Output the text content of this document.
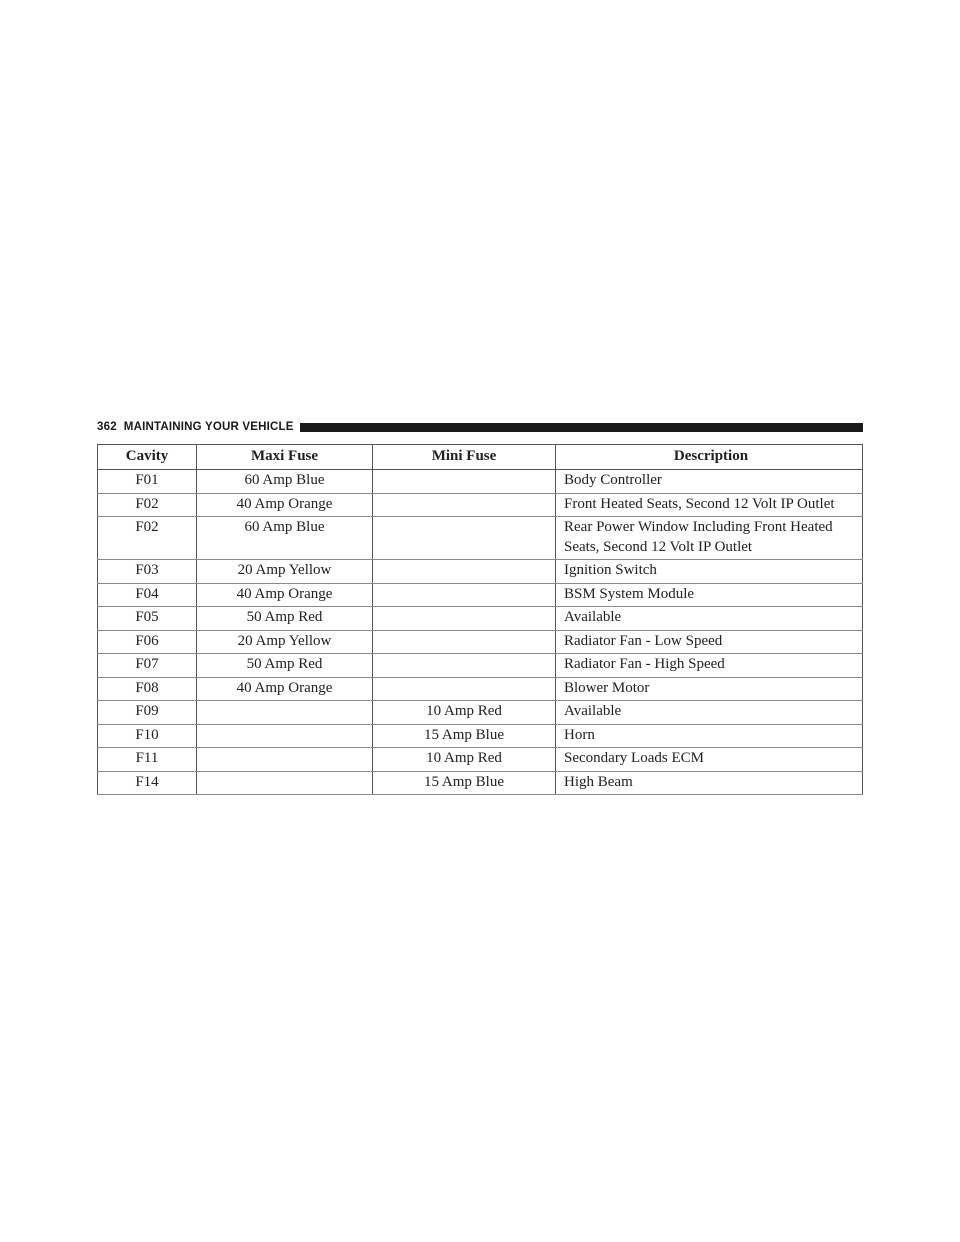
362 MAINTAINING YOUR VEHICLE
Cavity	Maxi Fuse	Mini Fuse	Description
F01	60 Amp Blue		Body Controller
F02	40 Amp Orange		Front Heated Seats, Second 12 Volt IP Outlet
F02	60 Amp Blue		Rear Power Window Including Front Heated Seats, Second 12 Volt IP Outlet
F03	20 Amp Yellow		Ignition Switch
F04	40 Amp Orange		BSM System Module
F05	50 Amp Red		Available
F06	20 Amp Yellow		Radiator Fan - Low Speed
F07	50 Amp Red		Radiator Fan - High Speed
F08	40 Amp Orange		Blower Motor
F09		10 Amp Red	Available
F10		15 Amp Blue	Horn
F11		10 Amp Red	Secondary Loads ECM
F14		15 Amp Blue	High Beam
